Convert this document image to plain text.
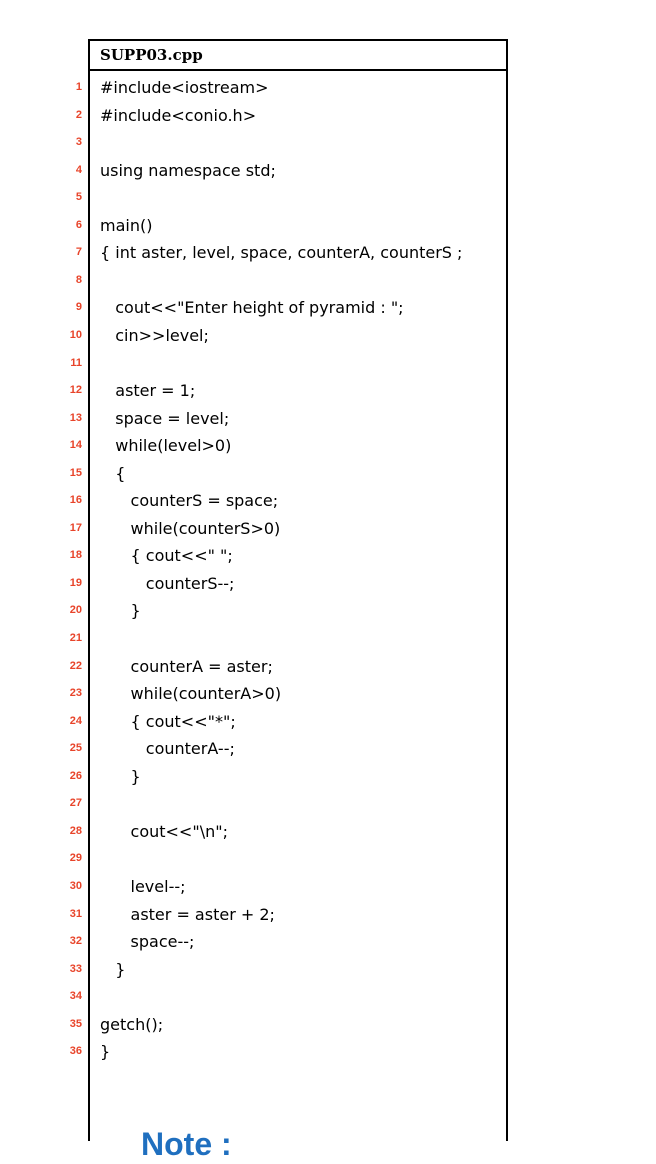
SUPP03.cpp
1 #include<iostream>
2 #include<conio.h>
3
4 using namespace std;
5
6 main()
7 { int aster, level, space, counterA, counterS ;
8
9 cout<<"Enter height of pyramid : ";
10 cin>>level;
11
12 aster = 1;
13 space = level;
14 while(level>0)
15 {
16 counterS = space;
17 while(counterS>0)
18 { cout<<" ";
19 counterS--;
20 }
21
22 counterA = aster;
23 while(counterA>0)
24 { cout<<"*";
25 counterA--;
26 }
27
28 cout<<"\n";
29
30 level--;
31 aster = aster + 2;
32 space--;
33 }
34
35 getch();
36 }
Note :
